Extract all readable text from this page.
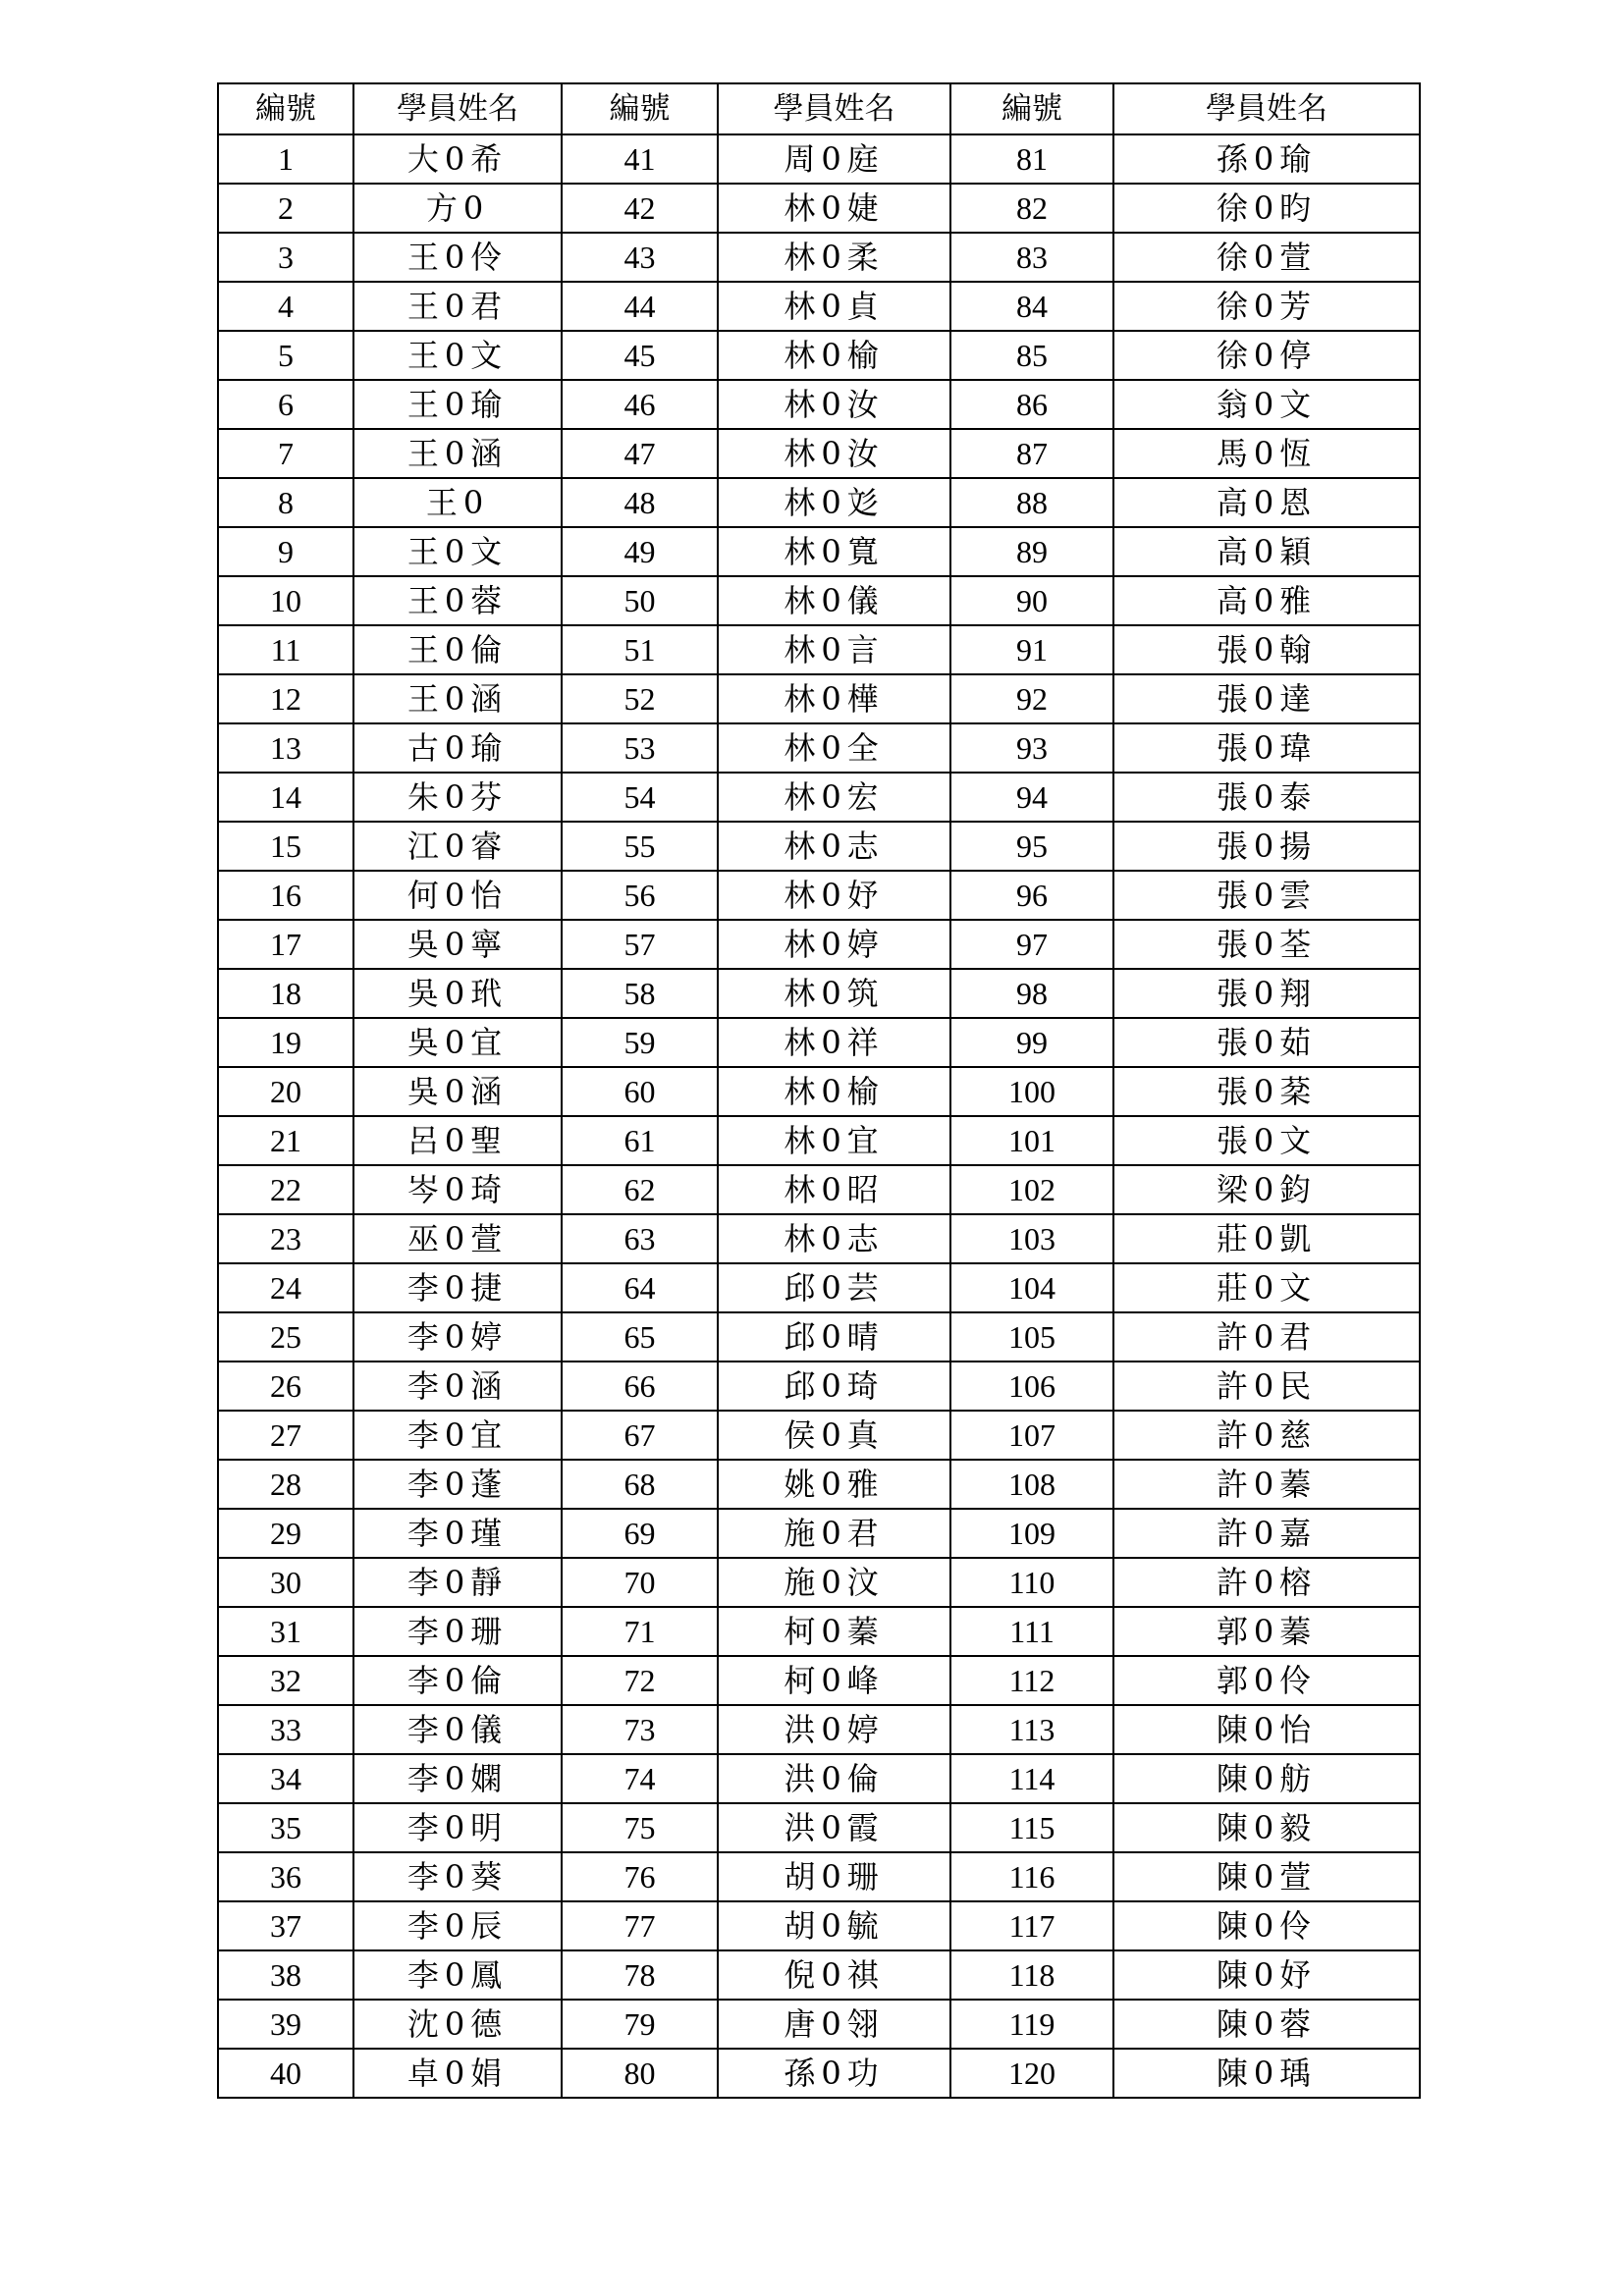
編號	學員姓名	編號	學員姓名	編號	學員姓名
1	大0希	41	周0庭	81	孫0瑜
2	方0	42	林0婕	82	徐0昀
3	王0伶	43	林0柔	83	徐0萱
4	王0君	44	林0貞	84	徐0芳
5	王0文	45	林0榆	85	徐0停
6	王0瑜	46	林0汝	86	翁0文
7	王0涵	47	林0汝	87	馬0恆
8	王0	48	林0彣	88	高0恩
9	王0文	49	林0寬	89	高0穎
10	王0蓉	50	林0儀	90	高0雅
11	王0倫	51	林0言	91	張0翰
12	王0涵	52	林0樺	92	張0達
13	古0瑜	53	林0全	93	張0瑋
14	朱0芬	54	林0宏	94	張0泰
15	江0睿	55	林0志	95	張0揚
16	何0怡	56	林0妤	96	張0雲
17	吳0寧	57	林0婷	97	張0荃
18	吳0玳	58	林0筑	98	張0翔
19	吳0宜	59	林0祥	99	張0茹
20	吳0涵	60	林0榆	100	張0棻
21	呂0聖	61	林0宜	101	張0文
22	岑0琦	62	林0昭	102	梁0鈞
23	巫0萱	63	林0志	103	莊0凱
24	李0捷	64	邱0芸	104	莊0文
25	李0婷	65	邱0晴	105	許0君
26	李0涵	66	邱0琦	106	許0民
27	李0宜	67	侯0真	107	許0慈
28	李0蓬	68	姚0雅	108	許0蓁
29	李0瑾	69	施0君	109	許0嘉
30	李0靜	70	施0汶	110	許0榕
31	李0珊	71	柯0蓁	111	郭0蓁
32	李0倫	72	柯0峰	112	郭0伶
33	李0儀	73	洪0婷	113	陳0怡
34	李0嫻	74	洪0倫	114	陳0舫
35	李0明	75	洪0霞	115	陳0毅
36	李0葵	76	胡0珊	116	陳0萱
37	李0辰	77	胡0毓	117	陳0伶
38	李0鳳	78	倪0祺	118	陳0妤
39	沈0德	79	唐0翎	119	陳0蓉
40	卓0娟	80	孫0功	120	陳0瑀
